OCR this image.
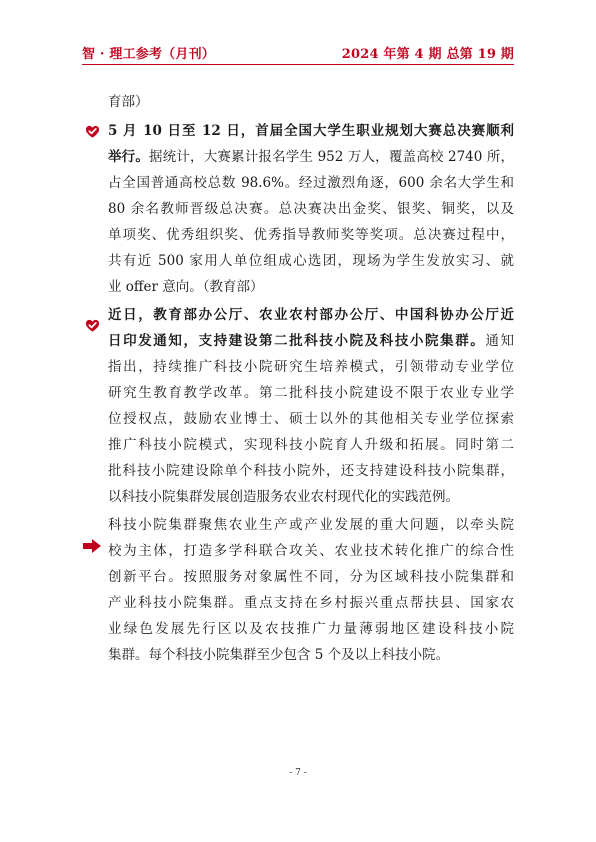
智 · 理工参考（月刊）	2024 年第 4 期 总第 19 期
育部）
5 月 10 日至 12 日，首届全国大学生职业规划大赛总决赛顺利
举行。据统计，大赛累计报名学生 952 万人，覆盖高校 2740 所，
占全国普通高校总数 98.6%。经过激烈角逐，600 余名大学生和
80 余名教师晋级总决赛。总决赛决出金奖、银奖、铜奖，以及
单项奖、优秀组织奖、优秀指导教师奖等奖项。总决赛过程中，
共有近 500 家用人单位组成心选团，现场为学生发放实习、就
业 offer 意向。（教育部）
近日，教育部办公厅、农业农村部办公厅、中国科协办公厅近
日印发通知，支持建设第二批科技小院及科技小院集群。通知
指出，持续推广科技小院研究生培养模式，引领带动专业学位
研究生教育教学改革。第二批科技小院建设不限于农业专业学
位授权点，鼓励农业博士、硕士以外的其他相关专业学位探索
推广科技小院模式，实现科技小院育人升级和拓展。同时第二
批科技小院建设除单个科技小院外，还支持建设科技小院集群，
以科技小院集群发展创造服务农业农村现代化的实践范例。
科技小院集群聚焦农业生产或产业发展的重大问题，以牵头院
校为主体，打造多学科联合攻关、农业技术转化推广的综合性
创新平台。按照服务对象属性不同，分为区域科技小院集群和
产业科技小院集群。重点支持在乡村振兴重点帮扶县、国家农
业绿色发展先行区以及农技推广力量薄弱地区建设科技小院
集群。每个科技小院集群至少包含 5 个及以上科技小院。
- 7 -
